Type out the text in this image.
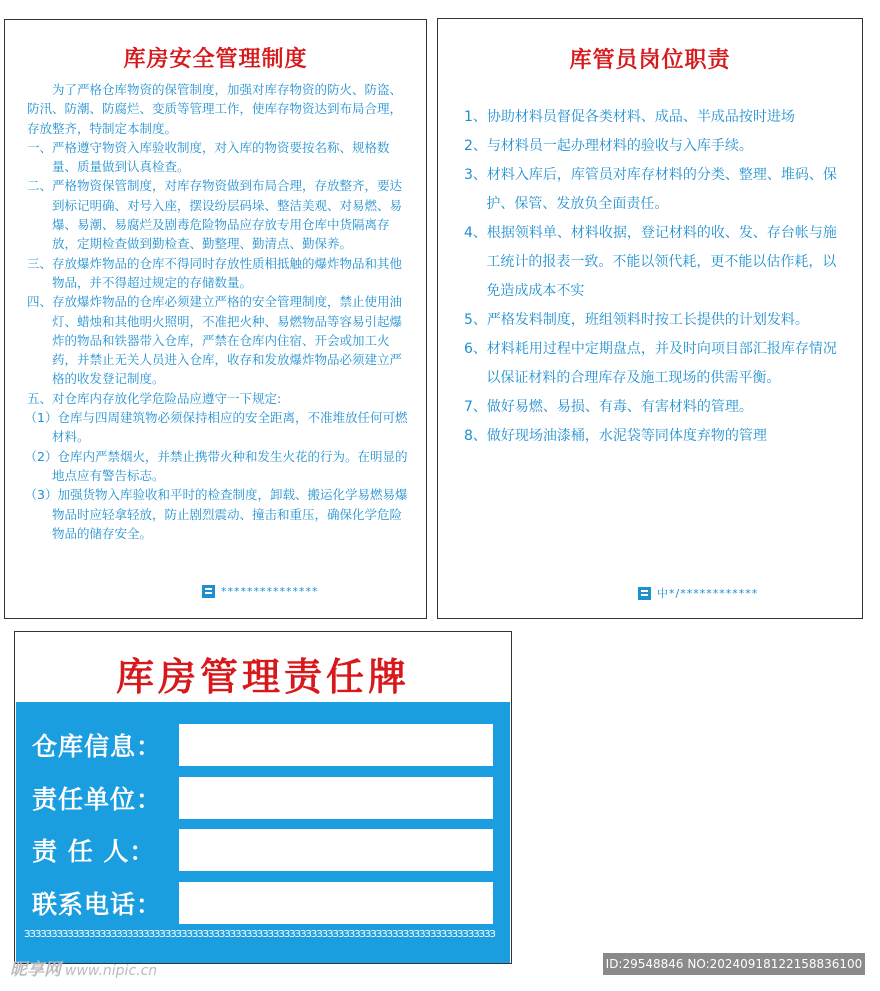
库房安全管理制度

为了严格仓库物资的保管制度，加强对库存物资的防火、防盗、防汛、防潮、防腐烂、变质等管理工作，使库存物资达到布局合理，存放整齐，特制定本制度。

一、严格遵守物资入库验收制度，对入库的物资要按名称、规格数量、质量做到认真检查。

二、严格物资保管制度，对库存物资做到布局合理，存放整齐，要达到标记明确、对号入座，摆设纷层码垛、整洁美观、对易燃、易爆、易潮、易腐烂及剧毒危险物品应存放专用仓库中货隔离存放，定期检查做到勤检查、勤整理、勤清点、勤保养。

三、存放爆炸物品的仓库不得同时存放性质相抵触的爆炸物品和其他物品，并不得超过规定的存储数量。

四、存放爆炸物品的仓库必须建立严格的安全管理制度，禁止使用油灯、蜡烛和其他明火照明，不准把火种、易燃物品等容易引起爆炸的物品和铁器带入仓库，严禁在仓库内住宿、开会或加工火药，并禁止无关人员进入仓库，收存和发放爆炸物品必须建立严格的收发登记制度。

五、对仓库内存放化学危险品应遵守一下规定:

（1）仓库与四周建筑物必须保持相应的安全距离，不准堆放任何可燃材料。

（2）仓库内严禁烟火，并禁止携带火种和发生火花的行为。在明显的地点应有警告标志。

（3）加强货物入库验收和平时的检查制度，卸载、搬运化学易燃易爆物品时应轻拿轻放，防止剧烈震动、撞击和重压，确保化学危险物品的储存安全。

***************
库管员岗位职责

1、协助材料员督促各类材料、成品、半成品按时进场

2、与材料员一起办理材料的验收与入库手续。

3、材料入库后，库管员对库存材料的分类、整理、堆码、保护、保管、发放负全面责任。

4、根据领料单、材料收据，登记材料的收、发、存台帐与施工统计的报表一致。不能以领代耗，更不能以估作耗，以免造成成本不实

5、严格发料制度，班组领料时按工长提供的计划发料。

6、材料耗用过程中定期盘点，并及时向项目部汇报库存情况以保证材料的合理库存及施工现场的供需平衡。

7、做好易燃、易损、有毒、有害材料的管理。

8、做好现场油漆桶，水泥袋等同体度弃物的管理

中*/************
库房管理责任牌
仓库信息：
责任单位：
责 任 人：
联系电话：
ЗЗЗЗЗЗЗЗЗЗЗЗЗЗЗЗЗЗЗЗЗЗЗЗЗЗЗЗЗЗЗЗЗЗЗЗЗЗЗЗЗЗЗЗЗЗЗЗЗЗЗЗЗЗЗЗЗЗЗЗЗЗЗЗЗЗЗЗЗЗЗЗЗЗЗЗЗЗЗЗЗЗЗЗЗЗЗ
昵享网 www.nipic.cn	ID:29548846 NO:20240918122158836100
